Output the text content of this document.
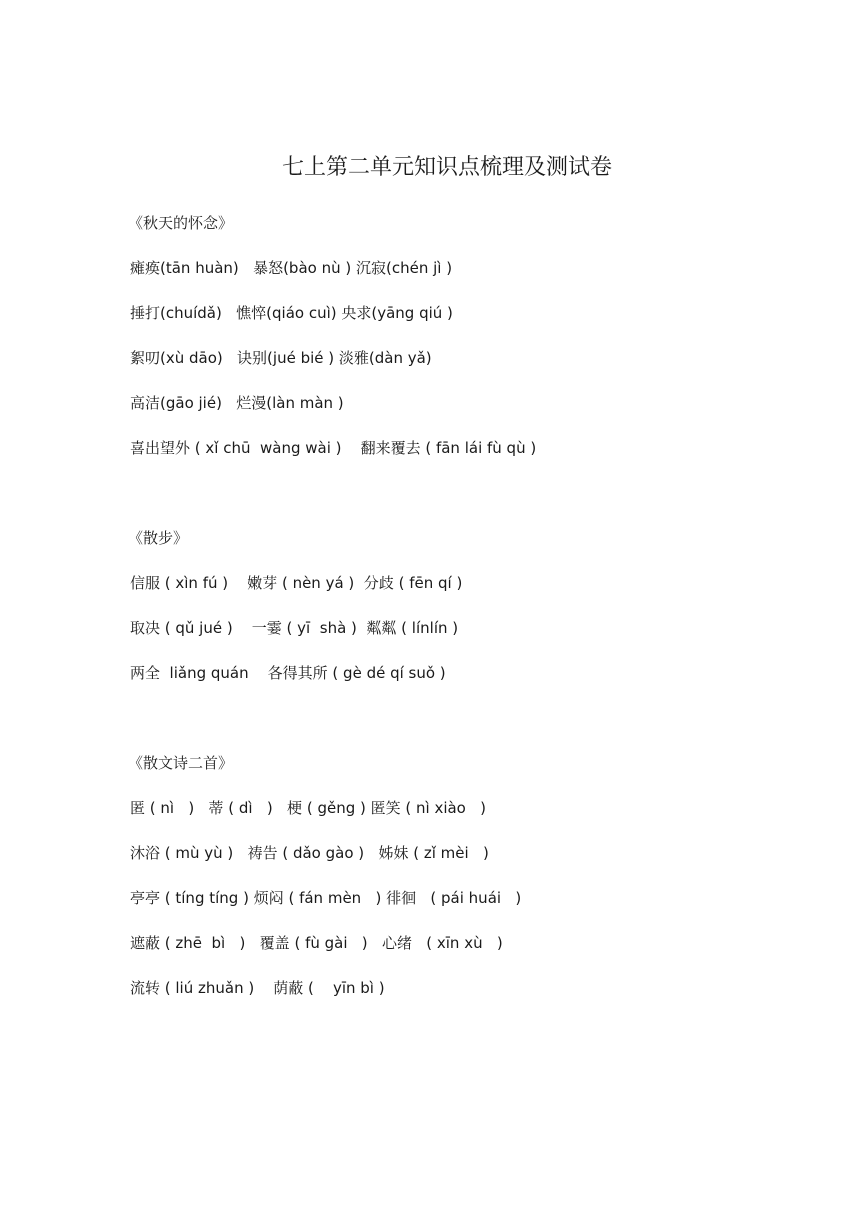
七上第二单元知识点梳理及测试卷

《秋天的怀念》

瘫痪(tān huàn)   暴怒(bào nù ) 沉寂(chén jì )

捶打(chuídǎ)   憔悴(qiáo cuì) 央求(yāng qiú )

絮叨(xù dāo)   诀别(jué bié ) 淡雅(dàn yǎ)

高洁(gāo jié)   烂漫(làn màn )

喜出望外 ( xǐ chū  wàng wài )    翻来覆去 ( fān lái fù qù )

《散步》

信服 ( xìn fú )    嫩芽 ( nèn yá )  分歧 ( fēn qí )

取决 ( qǔ jué )    一霎 ( yī  shà )  粼粼 ( línlín )

两全  liǎng quán    各得其所 ( gè dé qí suǒ )

《散文诗二首》

匿 ( nì   )   蒂 ( dì   )   梗 ( gěng ) 匿笑 ( nì xiào   )

沐浴 ( mù yù )   祷告 ( dǎo gào )   姊妹 ( zǐ mèi   )

亭亭 ( tíng tíng ) 烦闷 ( fán mèn   ) 徘徊   ( pái huái   )

遮蔽 ( zhē  bì   )   覆盖 ( fù gài   )   心绪   ( xīn xù   )

流转 ( liú zhuǎn )    荫蔽 (    yīn bì )
